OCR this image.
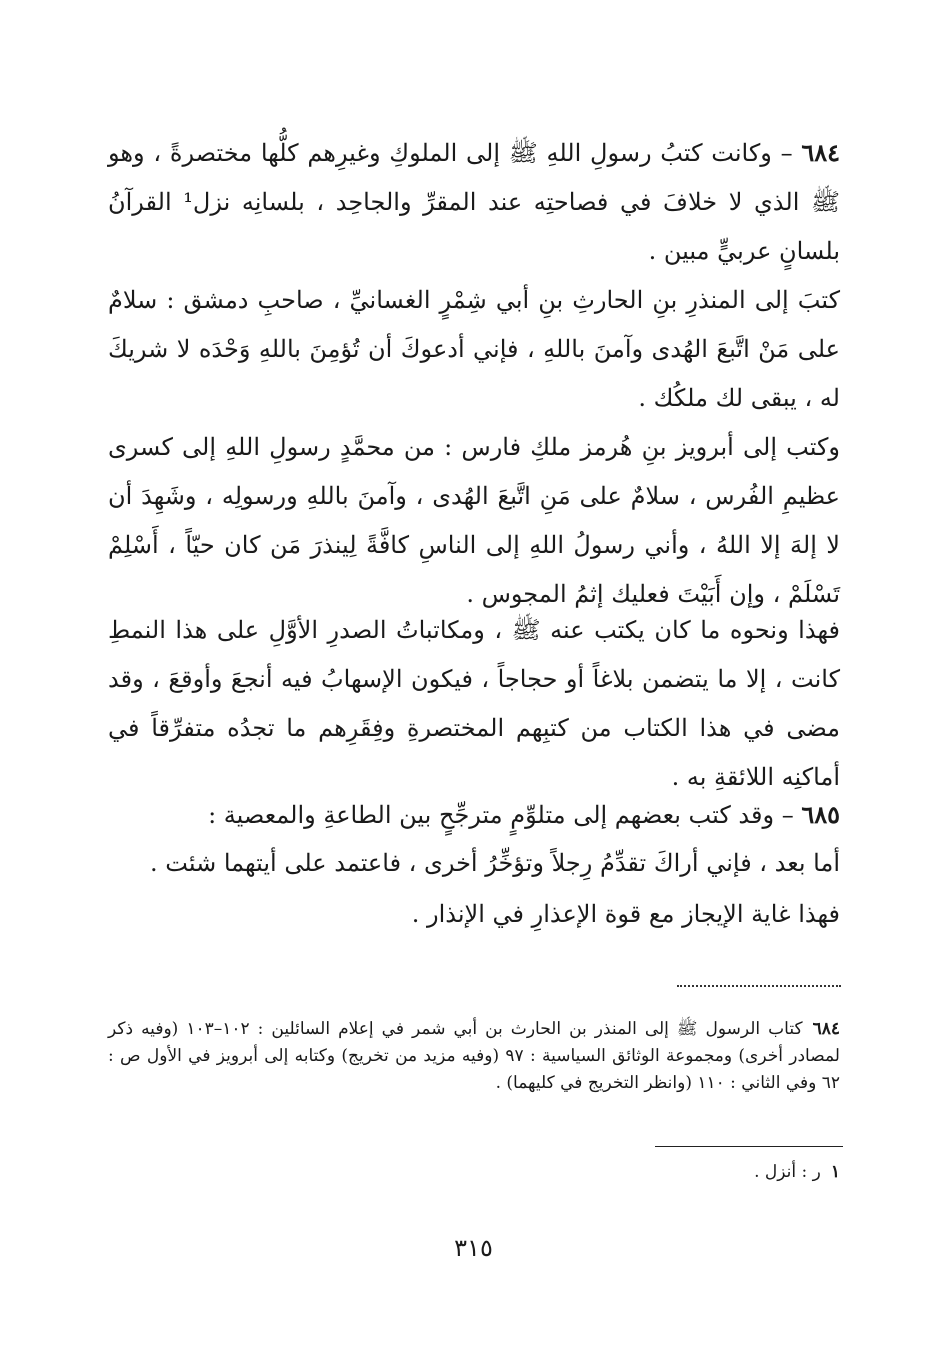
٦٨٤ – وكانت كتبُ رسولِ اللهِ ﷺ إلى الملوكِ وغيرِهم كلُّها مختصرةً ، وهو ﷺ الذي لا خلافَ في فصاحتِه عند المقرِّ والجاحِد ، بلسانِه نزل¹ القرآنُ بلسانٍ عربيٍّ مبين .
كتبَ إلى المنذرِ بنِ الحارثِ بنِ أبي شِمْرٍ الغسانيِّ ، صاحبِ دمشق : سلامٌ على مَنْ اتَّبعَ الهُدى وآمنَ باللهِ ، فإني أدعوكَ أن تُؤمِنَ باللهِ وَحْدَه لا شريكَ له ، يبقى لك ملكُك .
وكتب إلى أبرويز بنِ هُرمز ملكِ فارس : من محمَّدٍ رسولِ اللهِ إلى كسرى عظيمِ الفُرس ، سلامٌ على مَنِ اتَّبعَ الهُدى ، وآمنَ باللهِ ورسولِه ، وشَهِدَ أن لا إلهَ إلا اللهُ ، وأني رسولُ اللهِ إلى الناسِ كافَّةً لِينذرَ مَن كان حيّاً ، أَسْلِمْ تَسْلَمْ ، وإن أَبَيْتَ فعليك إثمُ المجوس .
فهذا ونحوه ما كان يكتب عنه ﷺ ، ومكاتباتُ الصدرِ الأوَّلِ على هذا النمطِ كانت ، إلا ما يتضمن بلاغاً أو حجاجاً ، فيكون الإسهابُ فيه أنجعَ وأوقعَ ، وقد مضى في هذا الكتاب من كتبِهم المختصرةِ وفِقَرِهم ما تجدُه متفرِّقاً في أماكنِه اللائقةِ به .
٦٨٥ – وقد كتب بعضهم إلى متلوِّمٍ مترجِّحٍ بين الطاعةِ والمعصية :
أما بعد ، فإني أراكَ تقدِّمُ رِجلاً وتؤخِّرُ أخرى ، فاعتمد على أيتهما شئت .
فهذا غاية الإيجاز مع قوة الإعذارِ في الإنذار .
٦٨٤كتاب الرسول ﷺ إلى المنذر بن الحارث بن أبي شمر في إعلام السائلين : ١٠٢–١٠٣ (وفيه ذكر لمصادر أخرى) ومجموعة الوثائق السياسية : ٩٧ (وفيه مزيد من تخريج) وكتابه إلى أبرويز في الأول ص : ٦٢ وفي الثاني : ١١٠ (وانظر التخريج في كليهما) .
١ر : أنزل .
٣١٥
